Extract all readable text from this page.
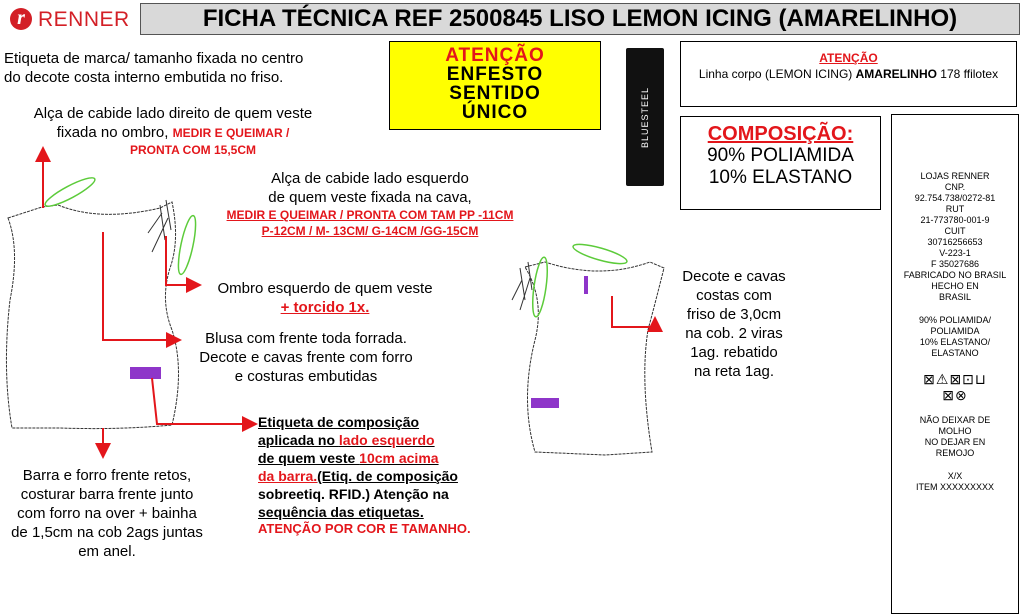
r RENNER	FICHA TÉCNICA REF 2500845 LISO LEMON ICING (AMARELINHO)
Etiqueta de marca/ tamanho fixada no centro
do decote costa interno embutida no friso.
Alça de cabide lado direito de quem veste
fixada no ombro, MEDIR E QUEIMAR /
PRONTA COM 15,5CM
Alça de cabide lado esquerdo
de quem veste fixada na cava,
MEDIR E QUEIMAR / PRONTA COM TAM PP -11CM
P-12CM / M- 13CM/ G-14CM /GG-15CM
Ombro esquerdo de quem veste
+ torcido 1x.
Blusa com frente toda forrada.
Decote e cavas frente com forro
e costuras embutidas
Barra e forro frente retos,
costurar barra frente junto
com forro na over + bainha
de 1,5cm na cob 2ags juntas
em anel.
Etiqueta de composição
aplicada no lado esquerdo
de quem veste 10cm acima
da barra.(Etiq. de composição
sobreetiq. RFID.) Atenção na
sequência das etiquetas.
ATENÇÃO POR COR E TAMANHO.
Decote e cavas
costas com
friso de 3,0cm
na cob. 2 viras
1ag. rebatido
na reta 1ag.
ATENÇÃO
ENFESTO
SENTIDO
ÚNICO	BLUESTEEL
ATENÇÃO
Linha corpo (LEMON ICING) AMARELINHO 178 ffilotex
COMPOSIÇÃO:
90% POLIAMIDA
10% ELASTANO	LOJAS RENNER
CNP.
92.754.738/0272-81
RUT
21-773780-001-9
CUIT
30716256653
V-223-1
F 35027686
FABRICADO NO BRASIL
HECHO EN
BRASIL

90% POLIAMIDA/
POLIAMIDA
10% ELASTANO/
ELASTANO

⊠⚠⊠⊡⊔
⊠⊗

NÃO DEIXAR DE
MOLHO
NO DEJAR EN
REMOJO

X/X
ITEM XXXXXXXXX
